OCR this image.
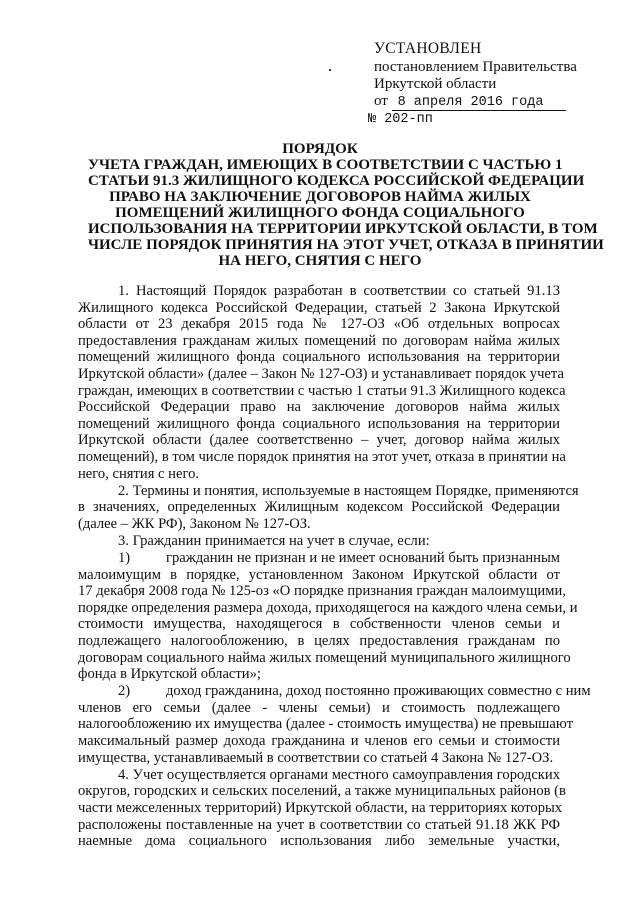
УСТАНОВЛЕН
постановлением Правительства
Иркутской области
от 8 апреля 2016 года
№ 202-пп
ПОРЯДОК
УЧЕТА ГРАЖДАН, ИМЕЮЩИХ В СООТВЕТСТВИИ С ЧАСТЬЮ 1
СТАТЬИ 91.3 ЖИЛИЩНОГО КОДЕКСА РОССИЙСКОЙ ФЕДЕРАЦИИ
ПРАВО НА ЗАКЛЮЧЕНИЕ ДОГОВОРОВ НАЙМА ЖИЛЫХ
ПОМЕЩЕНИЙ ЖИЛИЩНОГО ФОНДА СОЦИАЛЬНОГО
ИСПОЛЬЗОВАНИЯ НА ТЕРРИТОРИИ ИРКУТСКОЙ ОБЛАСТИ, В ТОМ
ЧИСЛЕ ПОРЯДОК ПРИНЯТИЯ НА ЭТОТ УЧЕТ, ОТКАЗА В ПРИНЯТИИ
НА НЕГО, СНЯТИЯ С НЕГО
1. Настоящий Порядок разработан в соответствии со статьей 91.13
Жилищного кодекса Российской Федерации, статьей 2 Закона Иркутской
области от 23 декабря 2015 года № 127-ОЗ «Об отдельных вопросах
предоставления гражданам жилых помещений по договорам найма жилых
помещений жилищного фонда социального использования на территории
Иркутской области» (далее – Закон № 127-ОЗ) и устанавливает порядок учета
граждан, имеющих в соответствии с частью 1 статьи 91.3 Жилищного кодекса
Российской Федерации право на заключение договоров найма жилых
помещений жилищного фонда социального использования на территории
Иркутской области (далее соответственно – учет, договор найма жилых
помещений), в том числе порядок принятия на этот учет, отказа в принятии на
него, снятия с него.
2. Термины и понятия, используемые в настоящем Порядке, применяются
в значениях, определенных Жилищным кодексом Российской Федерации
(далее – ЖК РФ), Законом № 127-ОЗ.
3. Гражданин принимается на учет в случае, если:
1) гражданин не признан и не имеет оснований быть признанным
малоимущим в порядке, установленном Законом Иркутской области от
17 декабря 2008 года № 125-оз «О порядке признания граждан малоимущими,
порядке определения размера дохода, приходящегося на каждого члена семьи, и
стоимости имущества, находящегося в собственности членов семьи и
подлежащего налогообложению, в целях предоставления гражданам по
договорам социального найма жилых помещений муниципального жилищного
фонда в Иркутской области»;
2) доход гражданина, доход постоянно проживающих совместно с ним
членов его семьи (далее - члены семьи) и стоимость подлежащего
налогообложению их имущества (далее - стоимость имущества) не превышают
максимальный размер дохода гражданина и членов его семьи и стоимости
имущества, устанавливаемый в соответствии со статьей 4 Закона № 127-ОЗ.
4. Учет осуществляется органами местного самоуправления городских
округов, городских и сельских поселений, а также муниципальных районов (в
части межселенных территорий) Иркутской области, на территориях которых
расположены поставленные на учет в соответствии со статьей 91.18 ЖК РФ
наемные дома социального использования либо земельные участки,
